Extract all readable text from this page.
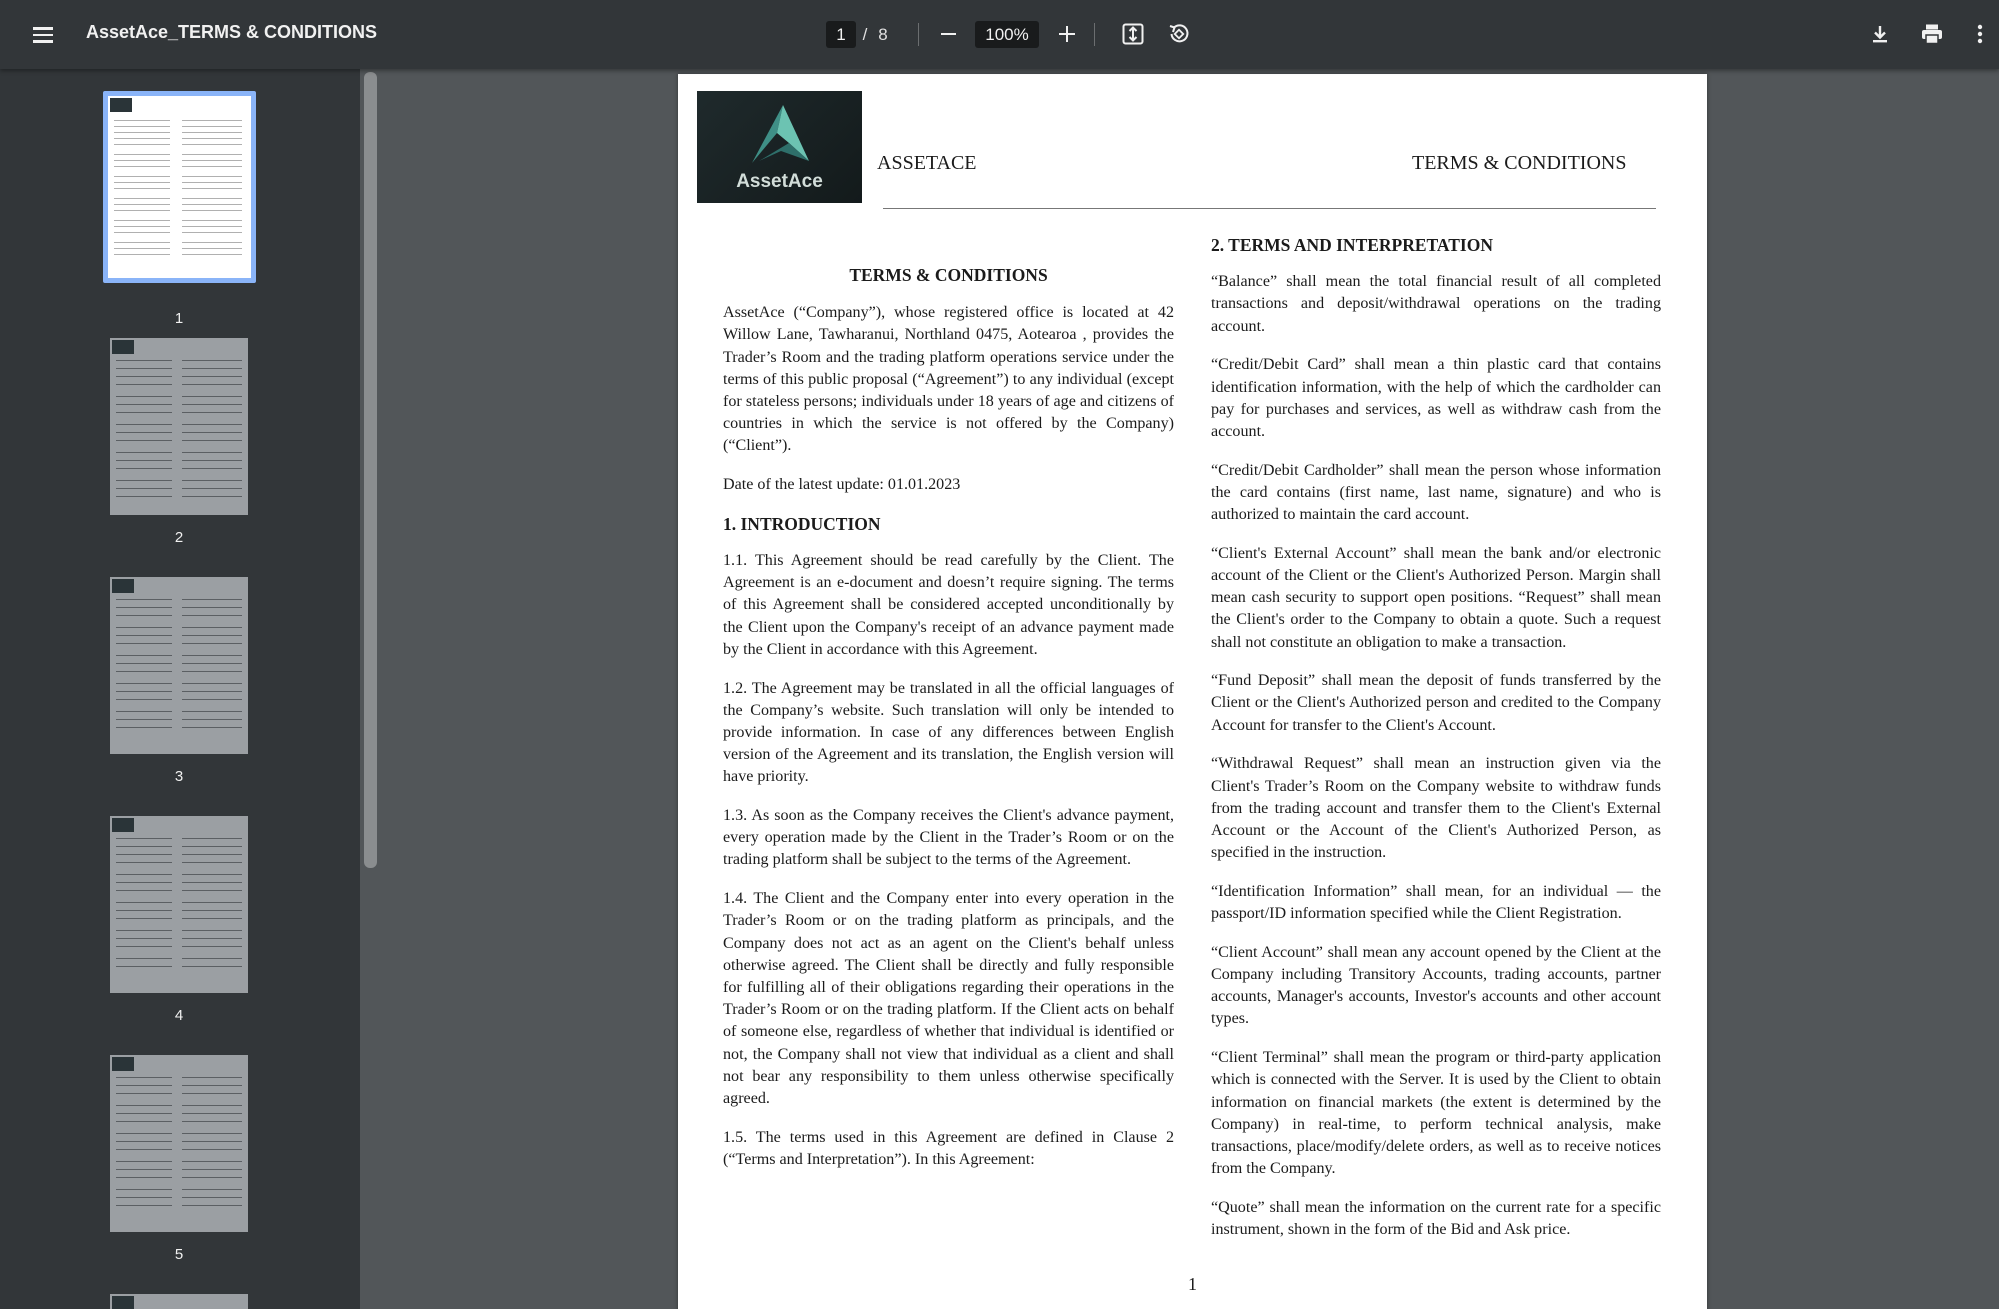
AssetAce_TERMS & CONDITIONS	1 / 8	100%
1
2
3
4
5
AssetAce
ASSETACE	TERMS & CONDITIONS
TERMS & CONDITIONS

AssetAce (“Company”), whose registered office is located at 42 Willow Lane, Tawharanui, Northland 0475, Aotearoa , provides the Trader’s Room and the trading platform operations service under the terms of this public proposal (“Agreement”) to any individual (except for stateless persons; individuals under 18 years of age and citizens of countries in which the service is not offered by the Company) (“Client”).

Date of the latest update: 01.01.2023

1. INTRODUCTION

1.1. This Agreement should be read carefully by the Client. The Agreement is an e-document and doesn’t require signing. The terms of this Agreement shall be considered accepted unconditionally by the Client upon the Company's receipt of an advance payment made by the Client in accordance with this Agreement.

1.2. The Agreement may be translated in all the official languages of the Company’s website. Such translation will only be intended to provide information. In case of any differences between English version of the Agreement and its translation, the English version will have priority.

1.3. As soon as the Company receives the Client's advance payment, every operation made by the Client in the Trader’s Room or on the trading platform shall be subject to the terms of the Agreement.

1.4. The Client and the Company enter into every operation in the Trader’s Room or on the trading platform as principals, and the Company does not act as an agent on the Client's behalf unless otherwise agreed. The Client shall be directly and fully responsible for fulfilling all of their obligations regarding their operations in the Trader’s Room or on the trading platform. If the Client acts on behalf of someone else, regardless of whether that individual is identified or not, the Company shall not view that individual as a client and shall not bear any responsibility to them unless otherwise specifically agreed.

1.5. The terms used in this Agreement are defined in Clause 2 (“Terms and Interpretation”). In this Agreement:

2. TERMS AND INTERPRETATION

“Balance” shall mean the total financial result of all completed transactions and deposit/withdrawal operations on the trading account.

“Credit/Debit Card” shall mean a thin plastic card that contains identification information, with the help of which the cardholder can pay for purchases and services, as well as withdraw cash from the account.

“Credit/Debit Cardholder” shall mean the person whose information the card contains (first name, last name, signature) and who is authorized to maintain the card account.

“Client's External Account” shall mean the bank and/or electronic account of the Client or the Client's Authorized Person. Margin shall mean cash security to support open positions. “Request” shall mean the Client's order to the Company to obtain a quote. Such a request shall not constitute an obligation to make a transaction.

“Fund Deposit” shall mean the deposit of funds transferred by the Client or the Client's Authorized person and credited to the Company Account for transfer to the Client's Account.

“Withdrawal Request” shall mean an instruction given via the Client's Trader’s Room on the Company website to withdraw funds from the trading account and transfer them to the Client's External Account or the Account of the Client's Authorized Person, as specified in the instruction.

“Identification Information” shall mean, for an individual — the passport/ID information specified while the Client Registration.

“Client Account” shall mean any account opened by the Client at the Company including Transitory Accounts, trading accounts, partner accounts, Manager's accounts, Investor's accounts and other account types.

“Client Terminal” shall mean the program or third-party application which is connected with the Server. It is used by the Client to obtain information on financial markets (the extent is determined by the Company) in real-time, to perform technical analysis, make transactions, place/modify/delete orders, as well as to receive notices from the Company.

“Quote” shall mean the information on the current rate for a specific instrument, shown in the form of the Bid and Ask price.

1
